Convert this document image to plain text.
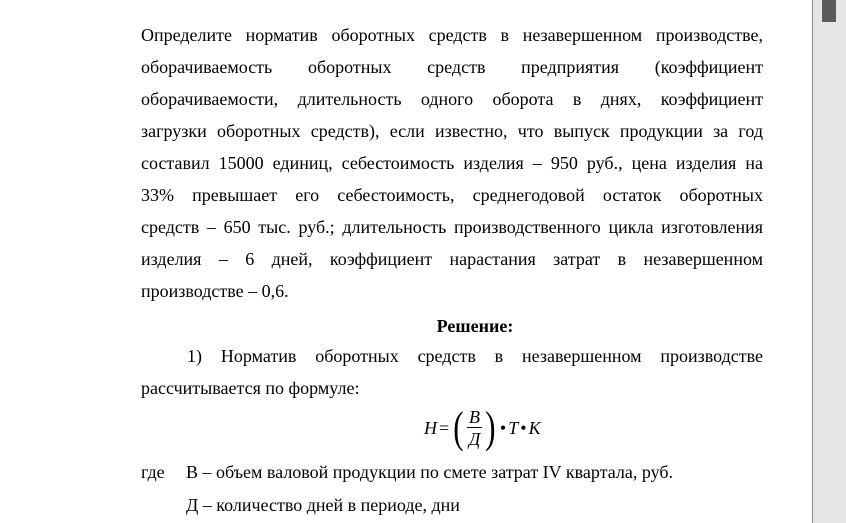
Определите норматив оборотных средств в незавершенном производстве,
оборачиваемость оборотных средств предприятия (коэффициент
оборачиваемости, длительность одного оборота в днях, коэффициент
загрузки оборотных средств), если известно, что выпуск продукции за год
составил 15000 единиц, себестоимость изделия – 950 руб., цена изделия на
33% превышает его себестоимость, среднегодовой остаток оборотных
средств – 650 тыс. руб.; длительность производственного цикла изготовления
изделия – 6 дней, коэффициент нарастания затрат в незавершенном
производстве – 0,6.
Решение:
1) Норматив оборотных средств в незавершенном производстве
рассчитывается по формуле:
Н = ( $\frac{В}{Д}$ ) • Т • К
где В – объем валовой продукции по смете затрат IV квартала, руб.
Д – количество дней в периоде, дни
